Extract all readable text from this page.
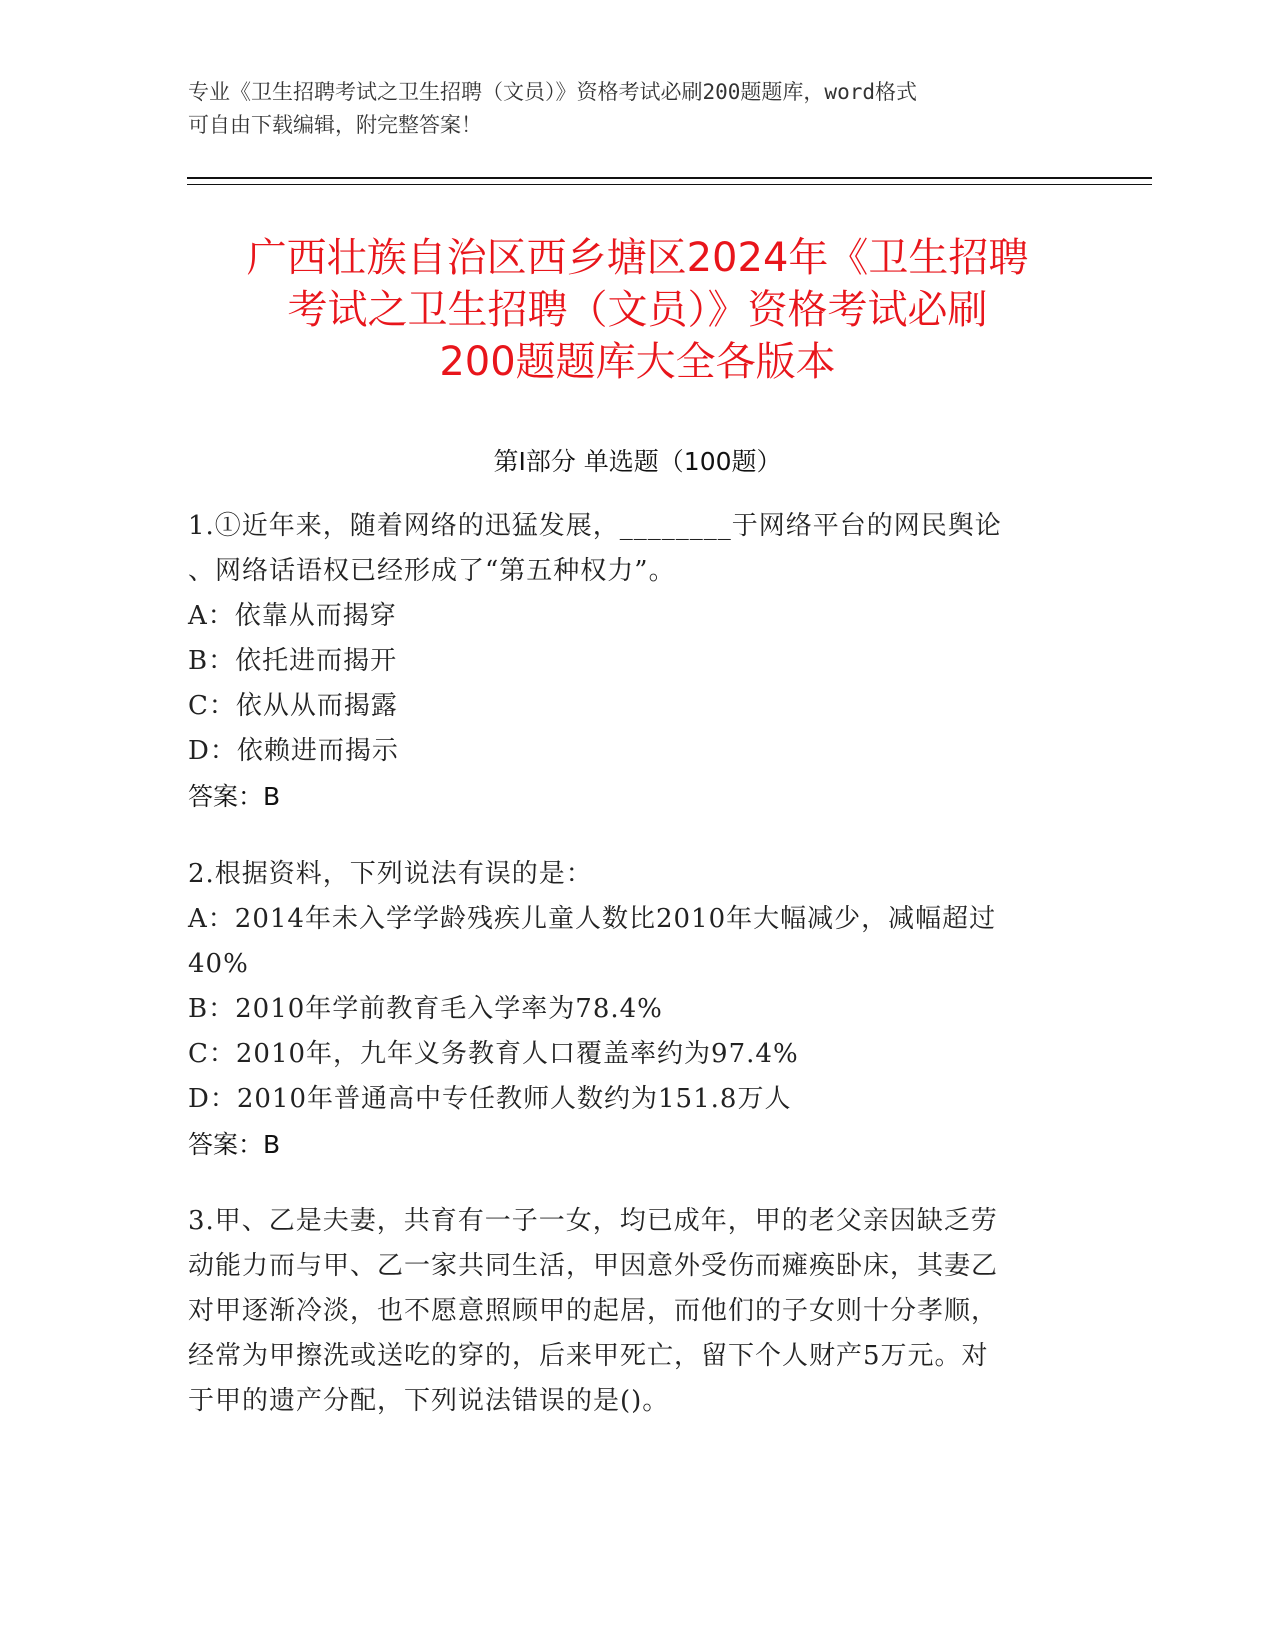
专业《卫生招聘考试之卫生招聘（文员）》资格考试必刷200题题库，word格式
可自由下载编辑，附完整答案！
广西壮族自治区西乡塘区2024年《卫生招聘
考试之卫生招聘（文员）》资格考试必刷
200题题库大全各版本
第Ⅰ部分 单选题（100题）
1.①近年来，随着网络的迅猛发展，________于网络平台的网民舆论
、网络话语权已经形成了“第五种权力”。
A：依靠从而揭穿
B：依托进而揭开
C：依从从而揭露
D：依赖进而揭示
答案：B
2.根据资料，下列说法有误的是：
A：2014年未入学学龄残疾儿童人数比2010年大幅减少，减幅超过
40%
B：2010年学前教育毛入学率为78.4%
C：2010年，九年义务教育人口覆盖率约为97.4%
D：2010年普通高中专任教师人数约为151.8万人
答案：B
3.甲、乙是夫妻，共育有一子一女，均已成年，甲的老父亲因缺乏劳
动能力而与甲、乙一家共同生活，甲因意外受伤而瘫痪卧床，其妻乙
对甲逐渐冷淡，也不愿意照顾甲的起居，而他们的子女则十分孝顺，
经常为甲擦洗或送吃的穿的，后来甲死亡，留下个人财产5万元。对
于甲的遗产分配，下列说法错误的是()。
